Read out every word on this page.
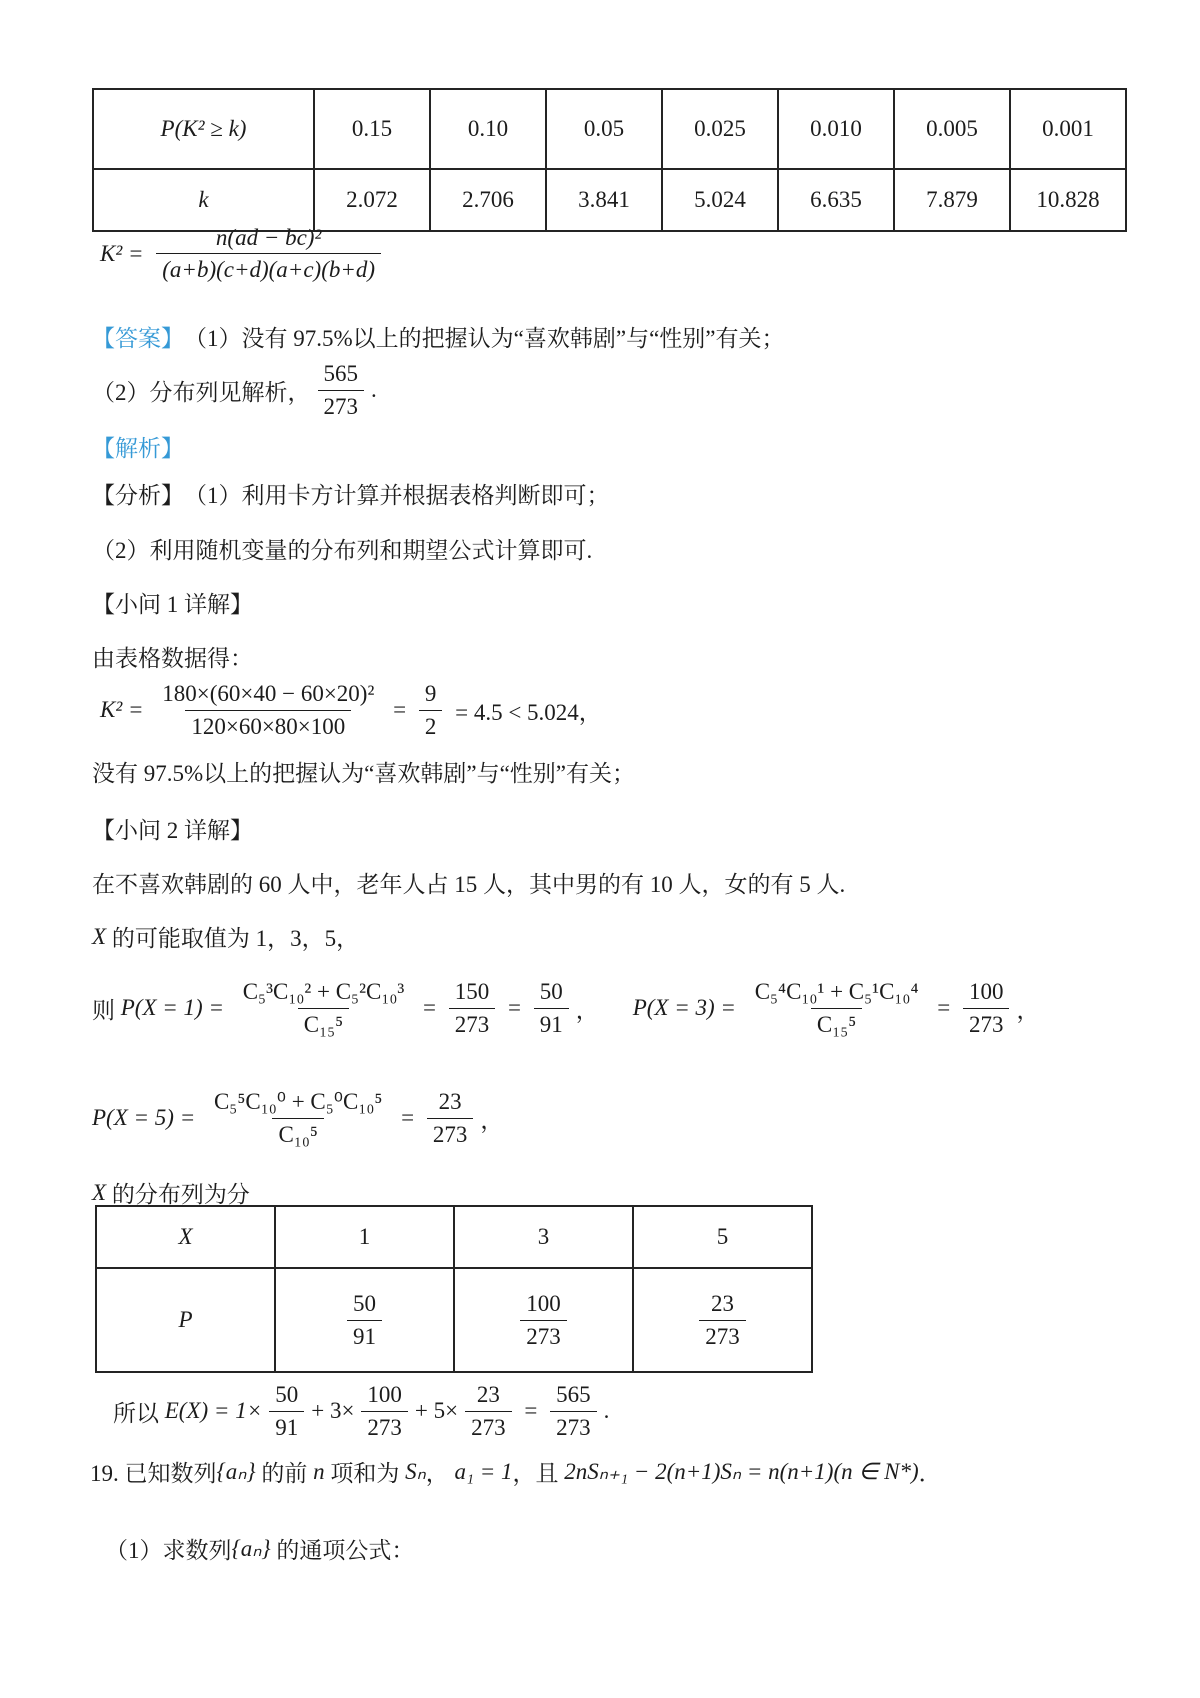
P(K² ≥ k)	0.15	0.10	0.05	0.025	0.010	0.005	0.001
k	2.072	2.706	3.841	5.024	6.635	7.879	10.828
$K^2 = \frac{\text{n(ad − bc)²}}{(a+b)(c+d)(a+c)(b+d)}$
【答案】 （1）没有 97.5%以上的把握认为“喜欢韩剧”与“性别”有关；
（2）分布列见解析， $\frac{565}{273}$ .
【解析】
【分析】 （1）利用卡方计算并根据表格判断即可；
（2）利用随机变量的分布列和期望公式计算即可.
【小问 1 详解】
由表格数据得：
$K^2 = \frac{\text{180×(60×40 − 60×20)²}}{120\times 60\times 80\times 100} = \frac{9}{2} = 4.5 < 5.024$，
没有 97.5%以上的把握认为“喜欢韩剧”与“性别”有关；
【小问 2 详解】
在不喜欢韩剧的 60 人中，老年人占 15 人，其中男的有 10 人，女的有 5 人.
X 的可能取值为 1，3，5，
则 $P(X = 1) = \frac{\text{C₅³C₁₀² + C₅²C₁₀³}}{\text{C₁₅⁵}} = \frac{150}{273} = \frac{50}{91}$ ， $P(X = 3) = \frac{\text{C₅⁴C₁₀¹ + C₅¹C₁₀⁴}}{\text{C₁₅⁵}} = \frac{100}{273}$ ，
$P(X = 5) = \frac{\text{C₅⁵C₁₀⁰ + C₅⁰C₁₀⁵}}{\text{C₁₀⁵}} = \frac{23}{273}$ ，
X 的分布列为分
X	1	3	5
P	$\frac{50}{91}$	$\frac{100}{273}$	$\frac{23}{273}$
所以 $E(X) = 1\times \frac{50}{91} + 3\times \frac{100}{273} + 5\times \frac{23}{273} = \frac{565}{273}$ .
19. 已知数列 {aₙ} 的前 n 项和为 Sₙ ， a₁ = 1 ，且 2nSₙ₊₁ − 2(n+1)Sₙ = n(n+1)(n ∈ N*) ．
（1）求数列 {aₙ} 的通项公式：
